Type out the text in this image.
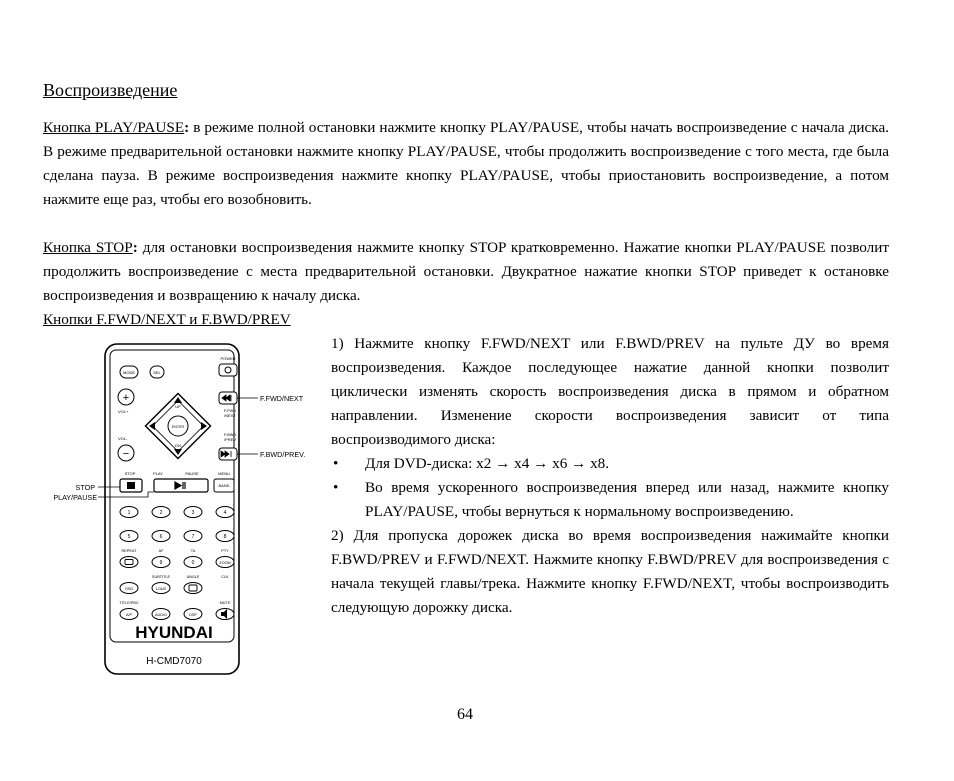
Воспроизведение

Кнопка PLAY/PAUSE: в режиме полной остановки нажмите кнопку PLAY/PAUSE, чтобы начать воспроизведение с начала диска. В режиме предварительной остановки нажмите кнопку PLAY/PAUSE, чтобы продолжить воспроизведение с того места, где была сделана пауза. В режиме воспроизведения нажмите кнопку PLAY/PAUSE, чтобы приостановить воспроизведение, а потом нажмите еще раз, чтобы его возобновить.

Кнопка STOP: для остановки воспроизведения нажмите кнопку STOP кратковременно. Нажатие кнопки PLAY/PAUSE позволит продолжить воспроизведение с места предварительной остановки. Двукратное нажатие кнопки STOP приведет к остановке воспроизведения и возвращению к началу диска.

Кнопки F.FWD/NEXT и F.BWD/PREV

1) Нажмите кнопку F.FWD/NEXT или F.BWD/PREV на пульте ДУ во время воспроизведения. Каждое последующее нажатие данной кнопки позволит циклически изменять скорость воспроизведения диска в прямом и обратном направлении. Изменение скорости воспроизведения зависит от типа воспроизводимого диска:

• Для DVD-диска: х2 → х4 → х6 → х8.
• Во время ускоренного воспроизведения вперед или назад, нажмите кнопку PLAY/PAUSE, чтобы вернуться к нормальному воспроизведению.

2) Для пропуска дорожек диска во время воспроизведения нажимайте кнопки F.BWD/PREV и F.FWD/NEXT. Нажмите кнопку F.BWD/PREV для воспроизведения с начала текущей главы/трека. Нажмите кнопку F.FWD/NEXT, чтобы воспроизводить следующую дорожку диска.

POWER
MODE	SEL
+
VOL+
−
VOL-
F.FWD
/NEXT
F.BWD
/PREV
ENTER
UP
DN
STOP	PLAY	PAUSE	MENU
BAND
1	2	3	4
5	6	7	8
REPEAT	AF	TA	PTY
9	0	ZOOM
SUBTITLE	ANGLE	CLK
OSD	LOUD
TITLE/PBC	MUTE
A/P	AUDIO	DSP
HYUNDAI
H-CMD7070
F.FWD/NEXT
F.BWD/PREV.
STOP
PLAY/PAUSE
64
